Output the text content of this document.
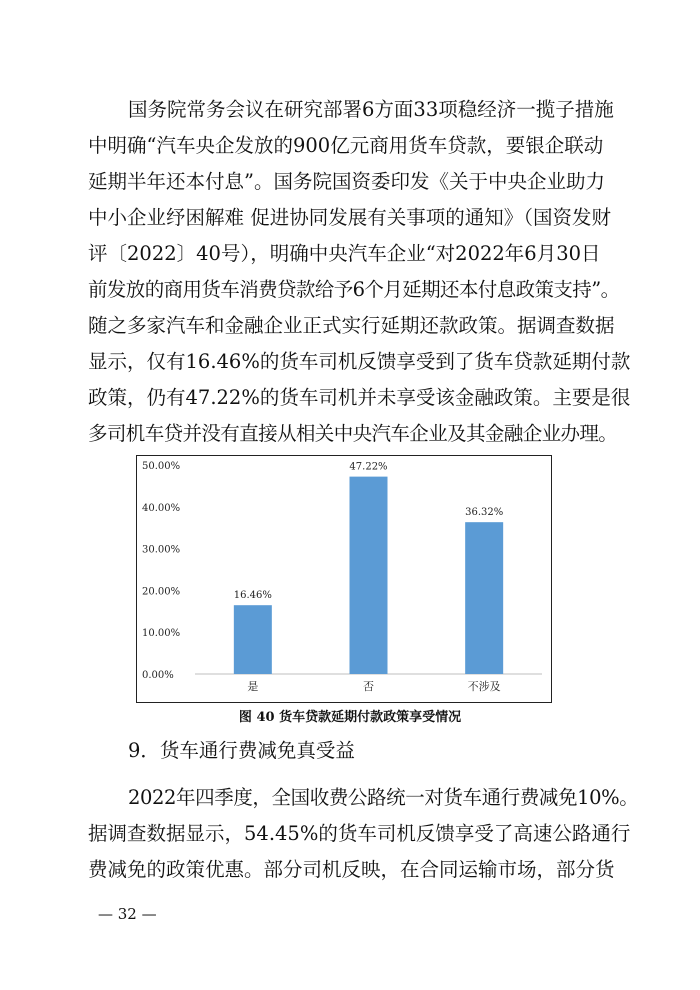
国务院常务会议在研究部署6方面33项稳经济一揽子措施
中明确“汽车央企发放的900亿元商用货车贷款，要银企联动
延期半年还本付息”。国务院国资委印发《关于中央企业助力
中小企业纾困解难 促进协同发展有关事项的通知》（国资发财
评〔2022〕40号），明确中央汽车企业“对2022年6月30日
前发放的商用货车消费贷款给予6个月延期还本付息政策支持”。
随之多家汽车和金融企业正式实行延期还款政策。据调查数据
显示，仅有16.46%的货车司机反馈享受到了货车贷款延期付款
政策，仍有47.22%的货车司机并未享受该金融政策。主要是很
多司机车贷并没有直接从相关中央汽车企业及其金融企业办理。
0.00%
10.00%
20.00%
30.00%
40.00%
50.00%
16.46%
是
47.22%
否
36.32%
不涉及
图 40 货车贷款延期付款政策享受情况
9．货车通行费减免真受益
2022年四季度，全国收费公路统一对货车通行费减免10%。
据调查数据显示，54.45%的货车司机反馈享受了高速公路通行
费减免的政策优惠。部分司机反映，在合同运输市场，部分货
— 32 —
